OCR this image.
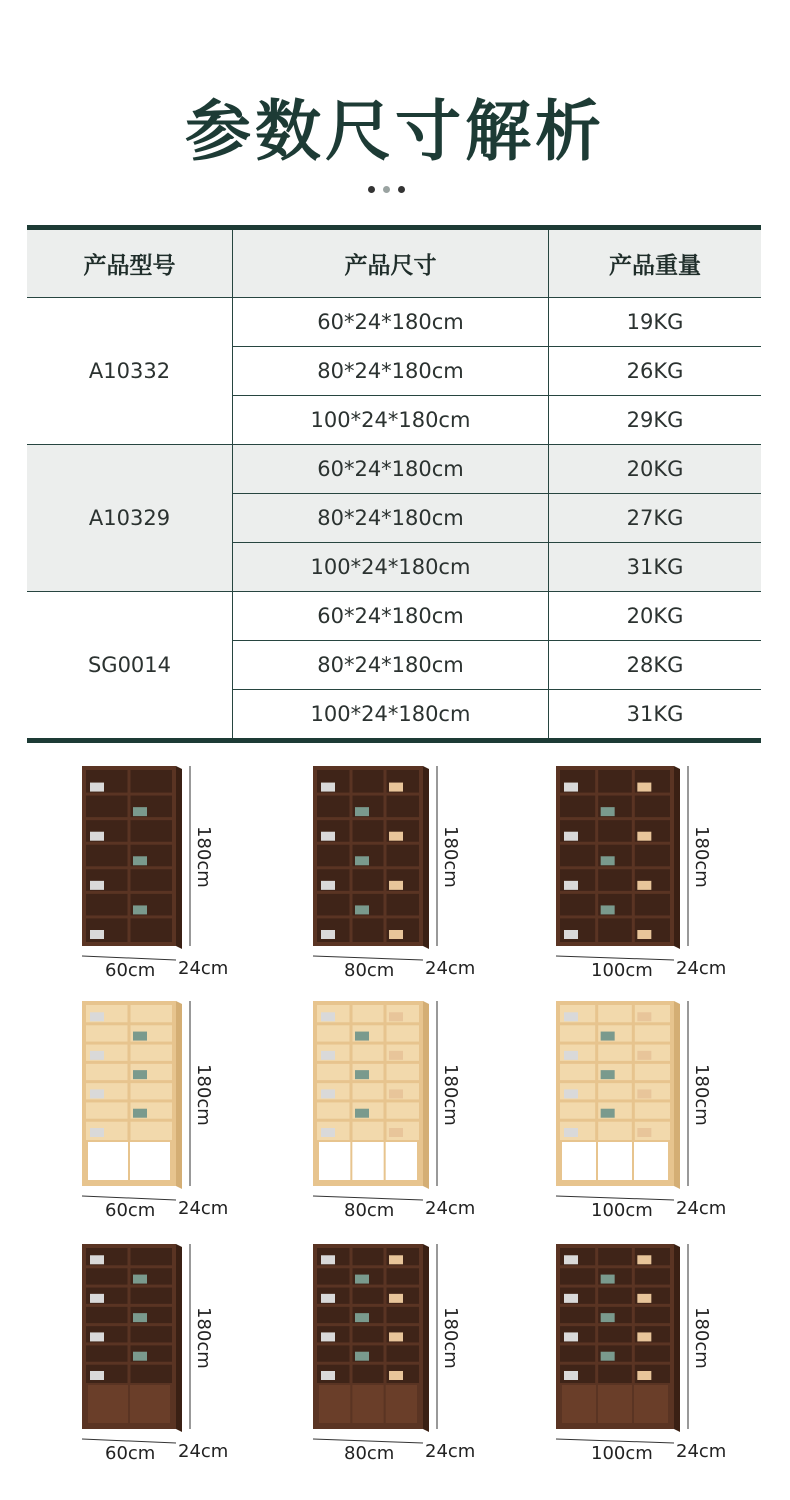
参数尺寸解析
产品型号	产品尺寸	产品重量
A10332	60*24*180cm	19KG
	80*24*180cm	26KG
	100*24*180cm	29KG
A10329	60*24*180cm	20KG
	80*24*180cm	27KG
	100*24*180cm	31KG
SG0014	60*24*180cm	20KG
	80*24*180cm	28KG
	100*24*180cm	31KG
60cm 24cm
180cm
80cm 24cm
180cm
100cm 24cm
180cm
60cm 24cm
180cm
80cm 24cm
180cm
100cm 24cm
180cm
60cm 24cm
180cm
80cm 24cm
180cm
100cm 24cm
180cm
